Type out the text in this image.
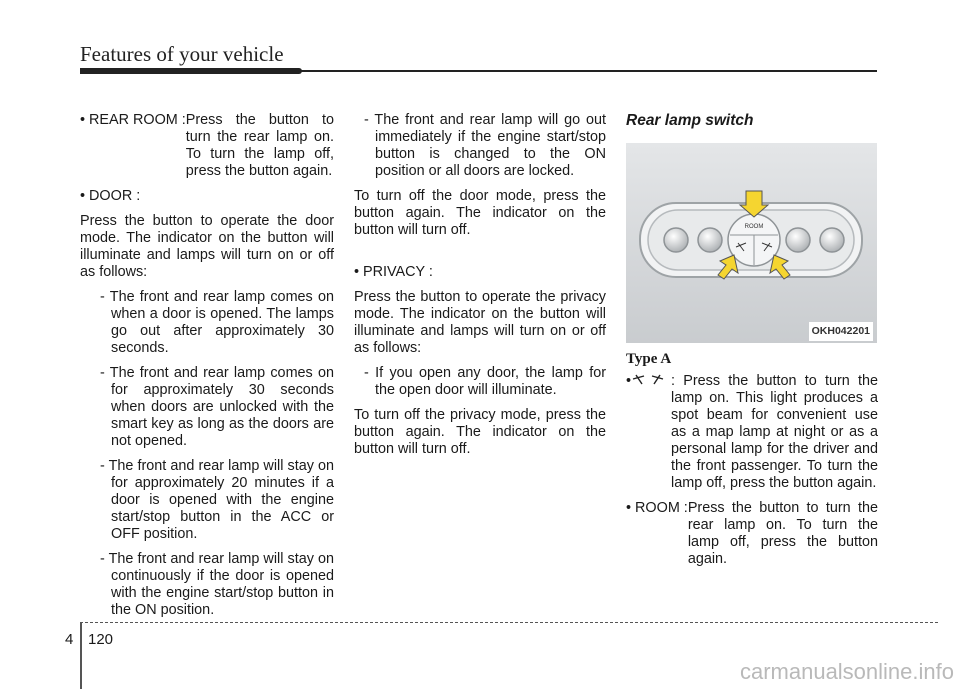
Features of your vehicle
• REAR ROOM : Press the button to turn the rear lamp on. To turn the lamp off, press the button again.

• DOOR :

Press the button to operate the door mode. The indicator on the button will illuminate and lamps will turn on or off as follows:

- The front and rear lamp comes on when a door is opened. The lamps go out after approximately 30 seconds.

- The front and rear lamp comes on for approximately 30 seconds when doors are unlocked with the smart key as long as the doors are not opened.

- The front and rear lamp will stay on for approximately 20 minutes if a door is opened with the engine start/stop button in the ACC or OFF position.

- The front and rear lamp will stay on continuously if the door is opened with the engine start/stop button in the ON position.

- The front and rear lamp will go out immediately if the engine start/stop button is changed to the ON position or all doors are locked.

To turn off the door mode, press the button again. The indicator on the button will turn off.

• PRIVACY :

Press the button to operate the privacy mode. The indicator on the button will illuminate and lamps will turn on or off as follows:

- If you open any door, the lamp for the open door will illuminate.

To turn off the privacy mode, press the button again. The indicator on the button will turn off.

Rear lamp switch
ROOM
OKH042201
Type A
•	: Press the button to turn the lamp on. This light produces a spot beam for convenient use as a map lamp at night or as a personal lamp for the driver and the front passenger. To turn the lamp off, press the button again.
• ROOM : Press the button to turn the rear lamp on. To turn the lamp off, press the button again.
4 120
carmanualsonline.info
